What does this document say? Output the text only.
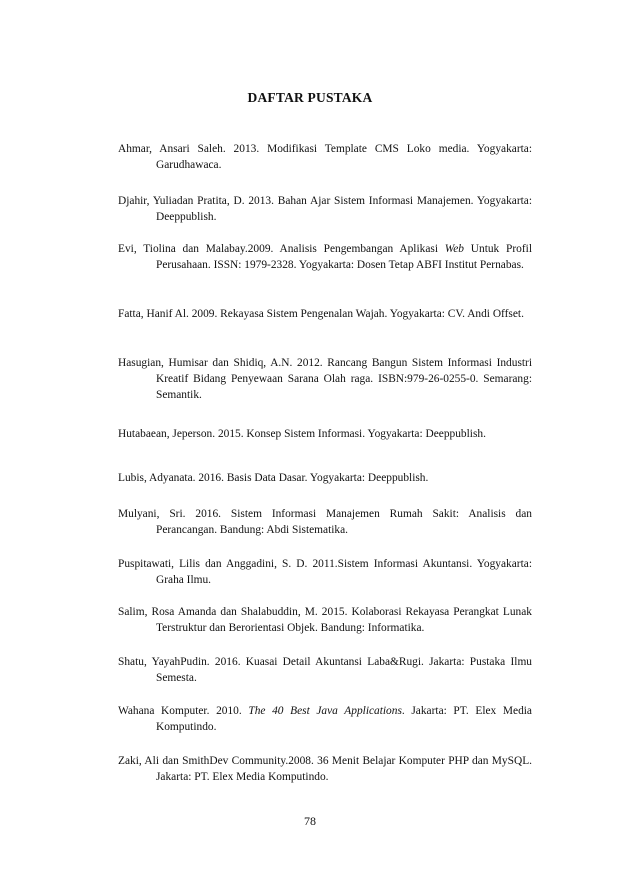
DAFTAR PUSTAKA
Ahmar, Ansari Saleh. 2013. Modifikasi Template CMS Loko media. Yogyakarta: Garudhawaca.
Djahir, Yuliadan Pratita, D. 2013. Bahan Ajar Sistem Informasi Manajemen. Yogyakarta: Deeppublish.
Evi, Tiolina dan Malabay.2009. Analisis Pengembangan Aplikasi Web Untuk Profil Perusahaan. ISSN: 1979-2328. Yogyakarta: Dosen Tetap ABFI Institut Pernabas.
Fatta, Hanif Al. 2009. Rekayasa Sistem Pengenalan Wajah. Yogyakarta: CV. Andi Offset.
Hasugian, Humisar dan Shidiq, A.N. 2012. Rancang Bangun Sistem Informasi Industri Kreatif Bidang Penyewaan Sarana Olah raga. ISBN:979-26-0255-0. Semarang: Semantik.
Hutabaean, Jeperson. 2015. Konsep Sistem Informasi. Yogyakarta: Deeppublish.
Lubis, Adyanata. 2016. Basis Data Dasar. Yogyakarta: Deeppublish.
Mulyani, Sri. 2016. Sistem Informasi Manajemen Rumah Sakit: Analisis dan Perancangan. Bandung: Abdi Sistematika.
Puspitawati, Lilis dan Anggadini, S. D. 2011.Sistem Informasi Akuntansi. Yogyakarta: Graha Ilmu.
Salim, Rosa Amanda dan Shalabuddin, M. 2015. Kolaborasi Rekayasa Perangkat Lunak Terstruktur dan Berorientasi Objek. Bandung: Informatika.
Shatu, YayahPudin. 2016. Kuasai Detail Akuntansi Laba&Rugi. Jakarta: Pustaka Ilmu Semesta.
Wahana Komputer. 2010. The 40 Best Java Applications. Jakarta: PT. Elex Media Komputindo.
Zaki, Ali dan SmithDev Community.2008. 36 Menit Belajar Komputer PHP dan MySQL. Jakarta: PT. Elex Media Komputindo.
78
